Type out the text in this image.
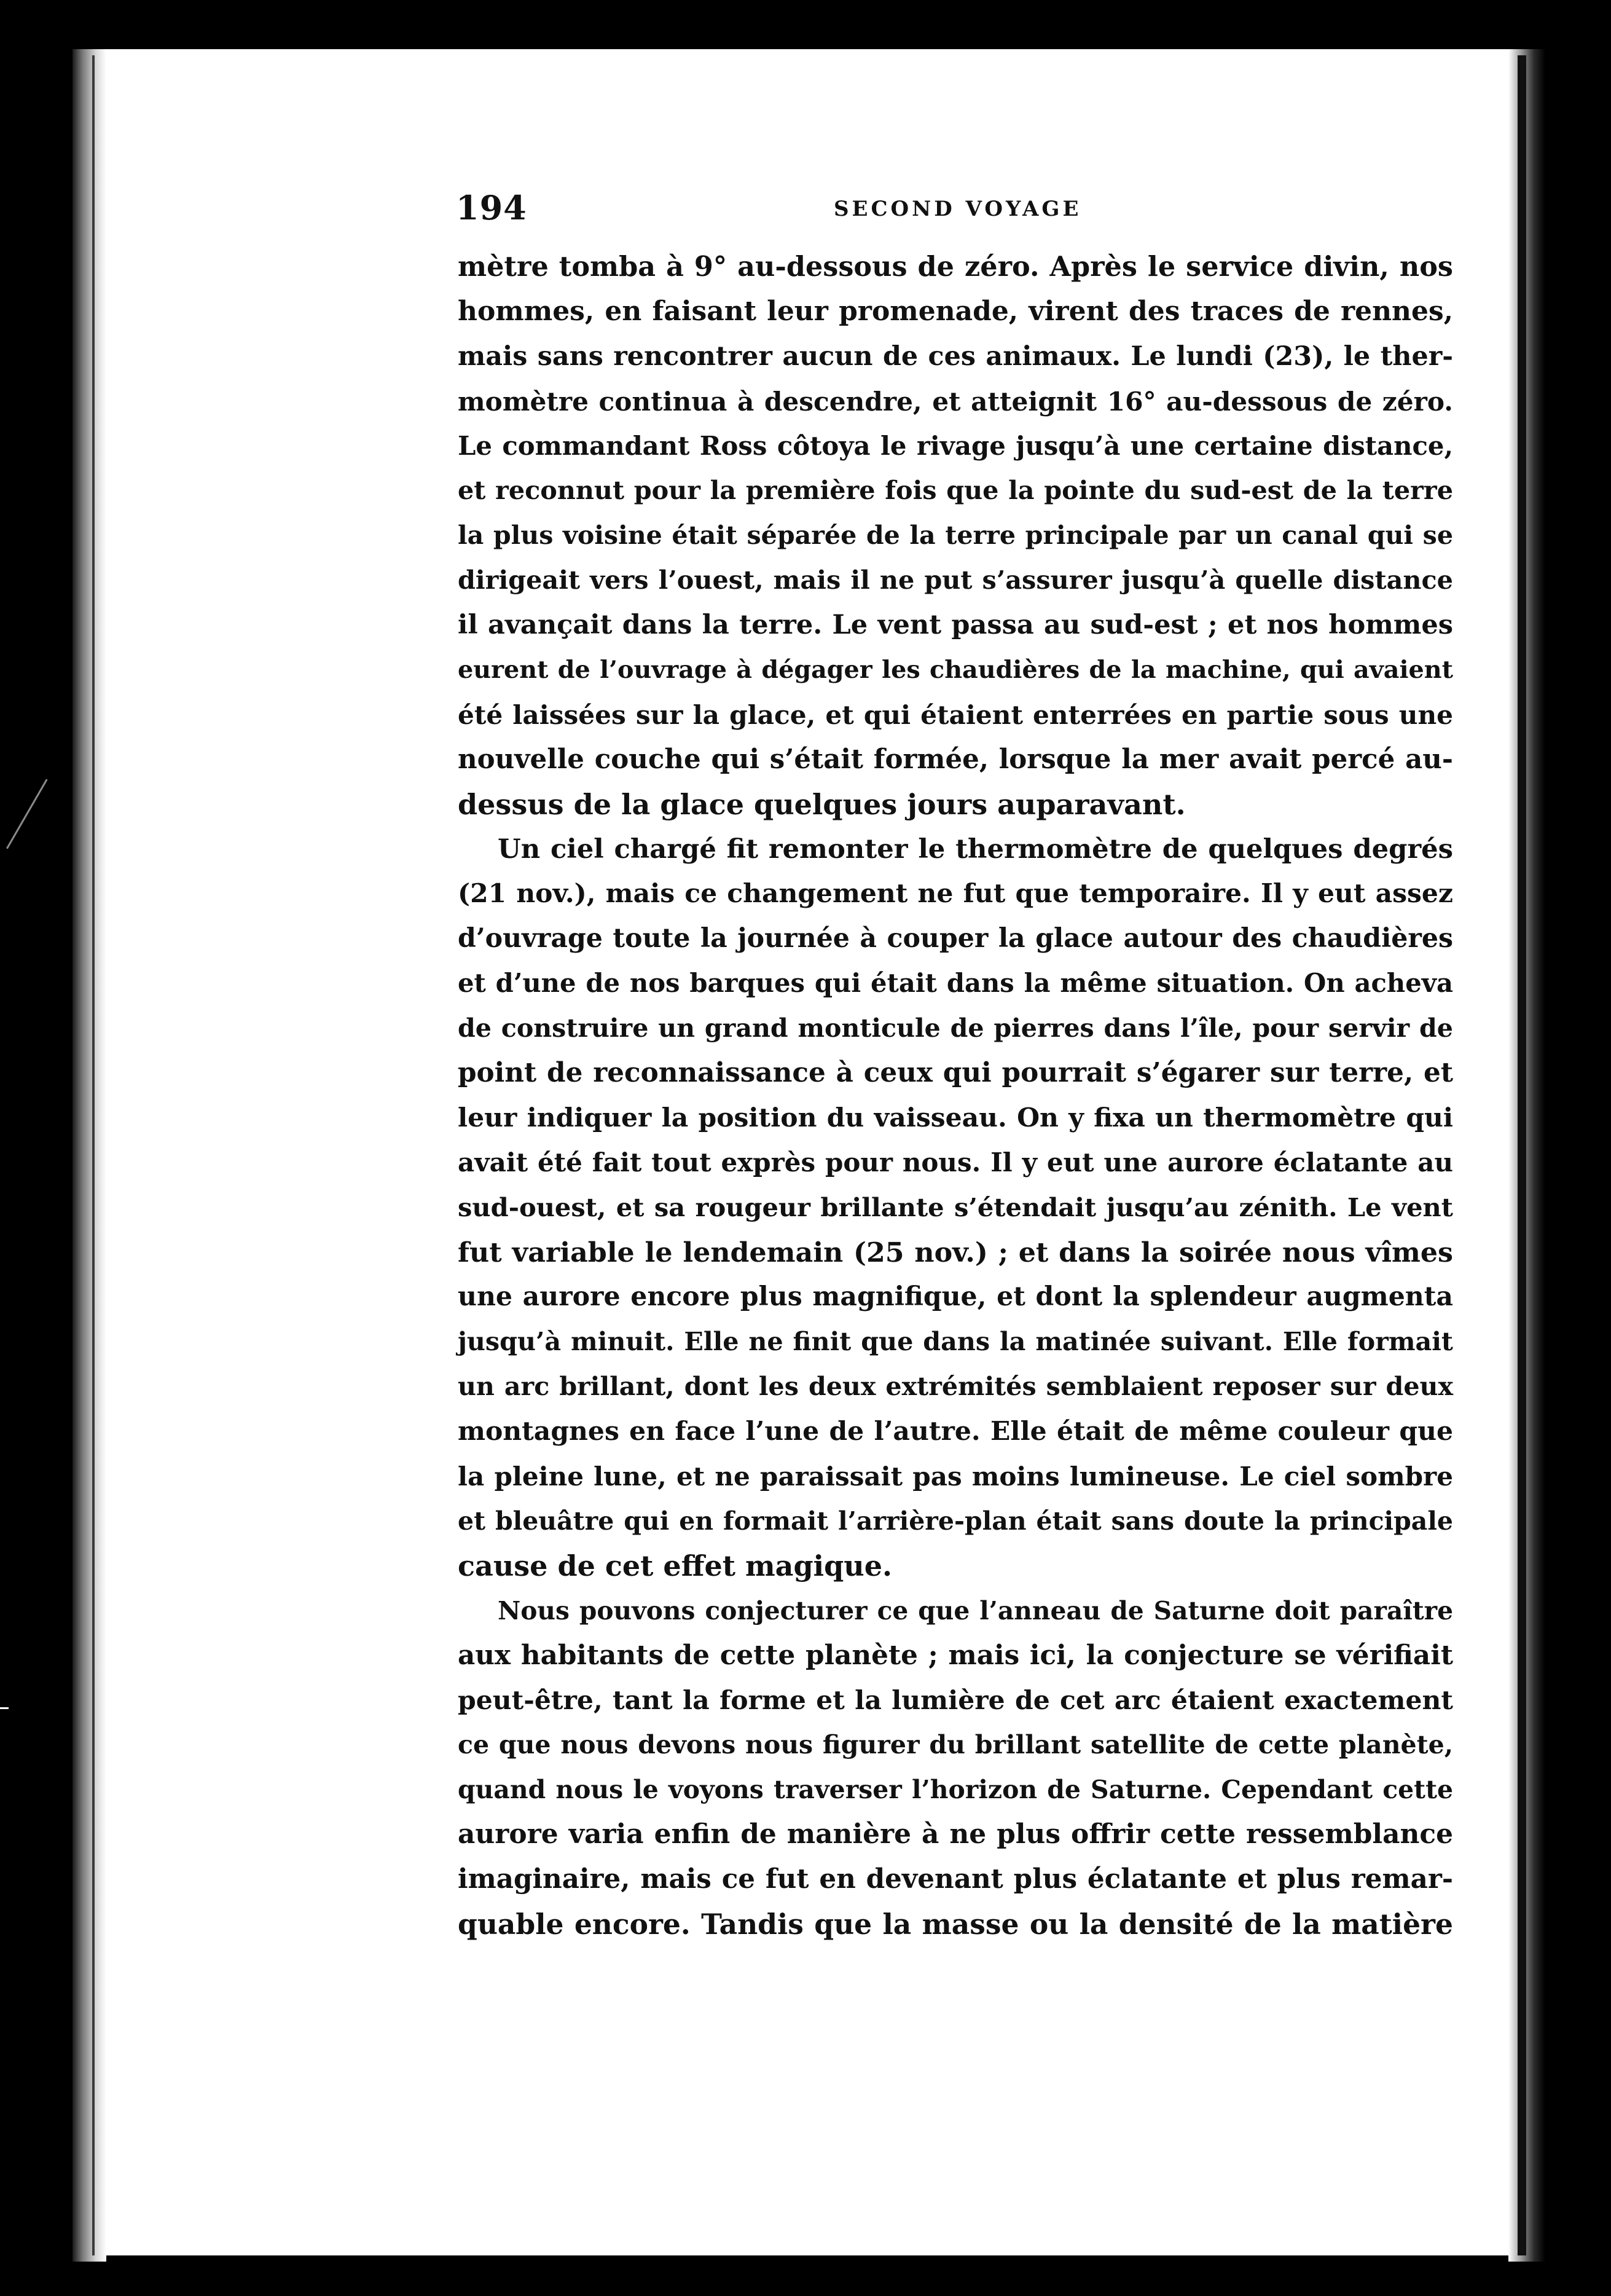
194	SECOND VOYAGE
mètre tomba à 9° au-dessous de zéro. Après le service divin, nos
hommes, en faisant leur promenade, virent des traces de rennes,
mais sans rencontrer aucun de ces animaux. Le lundi (23), le ther-
momètre continua à descendre, et atteignit 16° au-dessous de zéro.
Le commandant Ross côtoya le rivage jusqu’à une certaine distance,
et reconnut pour la première fois que la pointe du sud-est de la terre
la plus voisine était séparée de la terre principale par un canal qui se
dirigeait vers l’ouest, mais il ne put s’assurer jusqu’à quelle distance
il avançait dans la terre. Le vent passa au sud-est ; et nos hommes
eurent de l’ouvrage à dégager les chaudières de la machine, qui avaient
été laissées sur la glace, et qui étaient enterrées en partie sous une
nouvelle couche qui s’était formée, lorsque la mer avait percé au-
dessus de la glace quelques jours auparavant.
Un ciel chargé fit remonter le thermomètre de quelques degrés
(21 nov.), mais ce changement ne fut que temporaire. Il y eut assez
d’ouvrage toute la journée à couper la glace autour des chaudières
et d’une de nos barques qui était dans la même situation. On acheva
de construire un grand monticule de pierres dans l’île, pour servir de
point de reconnaissance à ceux qui pourrait s’égarer sur terre, et
leur indiquer la position du vaisseau. On y fixa un thermomètre qui
avait été fait tout exprès pour nous. Il y eut une aurore éclatante au
sud-ouest, et sa rougeur brillante s’étendait jusqu’au zénith. Le vent
fut variable le lendemain (25 nov.) ; et dans la soirée nous vîmes
une aurore encore plus magnifique, et dont la splendeur augmenta
jusqu’à minuit. Elle ne finit que dans la matinée suivant. Elle formait
un arc brillant, dont les deux extrémités semblaient reposer sur deux
montagnes en face l’une de l’autre. Elle était de même couleur que
la pleine lune, et ne paraissait pas moins lumineuse. Le ciel sombre
et bleuâtre qui en formait l’arrière-plan était sans doute la principale
cause de cet effet magique.
Nous pouvons conjecturer ce que l’anneau de Saturne doit paraître
aux habitants de cette planète ; mais ici, la conjecture se vérifiait
peut-être, tant la forme et la lumière de cet arc étaient exactement
ce que nous devons nous figurer du brillant satellite de cette planète,
quand nous le voyons traverser l’horizon de Saturne. Cependant cette
aurore varia enfin de manière à ne plus offrir cette ressemblance
imaginaire, mais ce fut en devenant plus éclatante et plus remar-
quable encore. Tandis que la masse ou la densité de la matière
